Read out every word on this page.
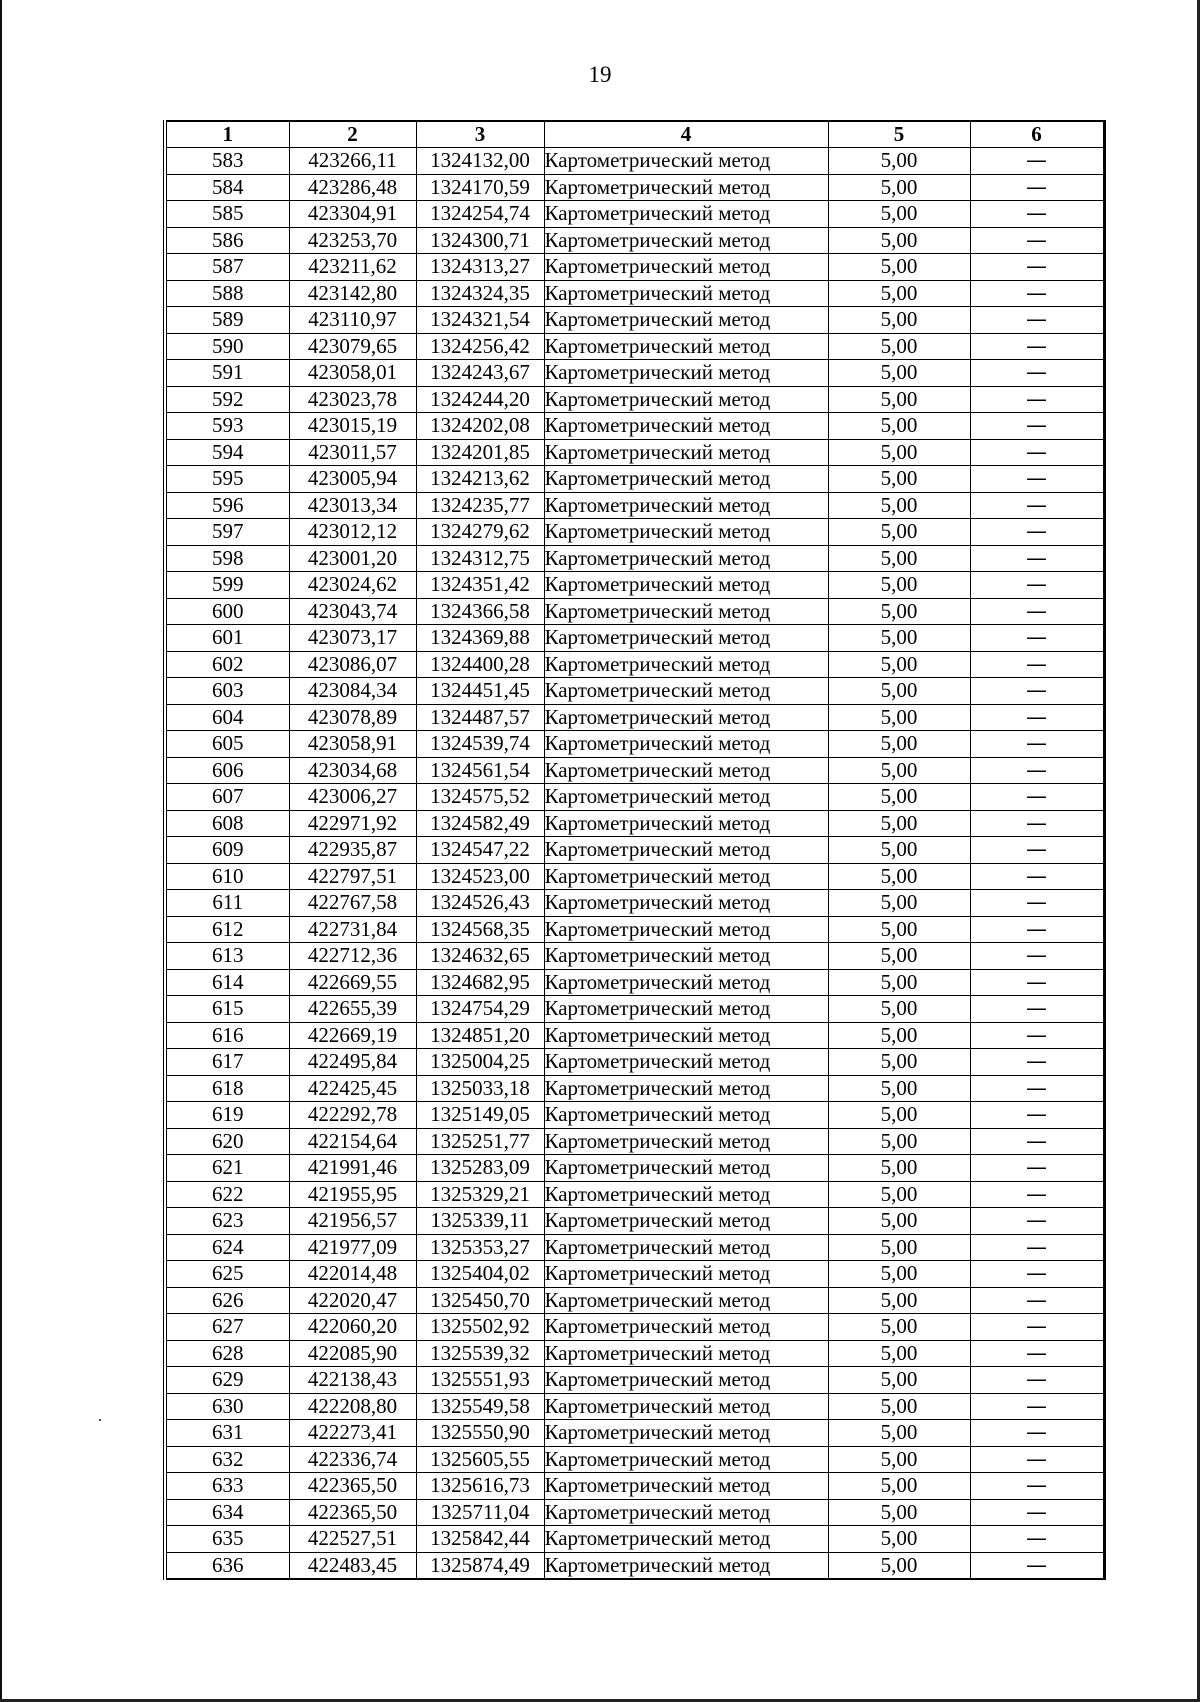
19
1	2	3	4	5	6
583	423266,11	1324132,00	Картометрический метод	5,00	—
584	423286,48	1324170,59	Картометрический метод	5,00	—
585	423304,91	1324254,74	Картометрический метод	5,00	—
586	423253,70	1324300,71	Картометрический метод	5,00	—
587	423211,62	1324313,27	Картометрический метод	5,00	—
588	423142,80	1324324,35	Картометрический метод	5,00	—
589	423110,97	1324321,54	Картометрический метод	5,00	—
590	423079,65	1324256,42	Картометрический метод	5,00	—
591	423058,01	1324243,67	Картометрический метод	5,00	—
592	423023,78	1324244,20	Картометрический метод	5,00	—
593	423015,19	1324202,08	Картометрический метод	5,00	—
594	423011,57	1324201,85	Картометрический метод	5,00	—
595	423005,94	1324213,62	Картометрический метод	5,00	—
596	423013,34	1324235,77	Картометрический метод	5,00	—
597	423012,12	1324279,62	Картометрический метод	5,00	—
598	423001,20	1324312,75	Картометрический метод	5,00	—
599	423024,62	1324351,42	Картометрический метод	5,00	—
600	423043,74	1324366,58	Картометрический метод	5,00	—
601	423073,17	1324369,88	Картометрический метод	5,00	—
602	423086,07	1324400,28	Картометрический метод	5,00	—
603	423084,34	1324451,45	Картометрический метод	5,00	—
604	423078,89	1324487,57	Картометрический метод	5,00	—
605	423058,91	1324539,74	Картометрический метод	5,00	—
606	423034,68	1324561,54	Картометрический метод	5,00	—
607	423006,27	1324575,52	Картометрический метод	5,00	—
608	422971,92	1324582,49	Картометрический метод	5,00	—
609	422935,87	1324547,22	Картометрический метод	5,00	—
610	422797,51	1324523,00	Картометрический метод	5,00	—
611	422767,58	1324526,43	Картометрический метод	5,00	—
612	422731,84	1324568,35	Картометрический метод	5,00	—
613	422712,36	1324632,65	Картометрический метод	5,00	—
614	422669,55	1324682,95	Картометрический метод	5,00	—
615	422655,39	1324754,29	Картометрический метод	5,00	—
616	422669,19	1324851,20	Картометрический метод	5,00	—
617	422495,84	1325004,25	Картометрический метод	5,00	—
618	422425,45	1325033,18	Картометрический метод	5,00	—
619	422292,78	1325149,05	Картометрический метод	5,00	—
620	422154,64	1325251,77	Картометрический метод	5,00	—
621	421991,46	1325283,09	Картометрический метод	5,00	—
622	421955,95	1325329,21	Картометрический метод	5,00	—
623	421956,57	1325339,11	Картометрический метод	5,00	—
624	421977,09	1325353,27	Картометрический метод	5,00	—
625	422014,48	1325404,02	Картометрический метод	5,00	—
626	422020,47	1325450,70	Картометрический метод	5,00	—
627	422060,20	1325502,92	Картометрический метод	5,00	—
628	422085,90	1325539,32	Картометрический метод	5,00	—
629	422138,43	1325551,93	Картометрический метод	5,00	—
630	422208,80	1325549,58	Картометрический метод	5,00	—
631	422273,41	1325550,90	Картометрический метод	5,00	—
632	422336,74	1325605,55	Картометрический метод	5,00	—
633	422365,50	1325616,73	Картометрический метод	5,00	—
634	422365,50	1325711,04	Картометрический метод	5,00	—
635	422527,51	1325842,44	Картометрический метод	5,00	—
636	422483,45	1325874,49	Картометрический метод	5,00	—
